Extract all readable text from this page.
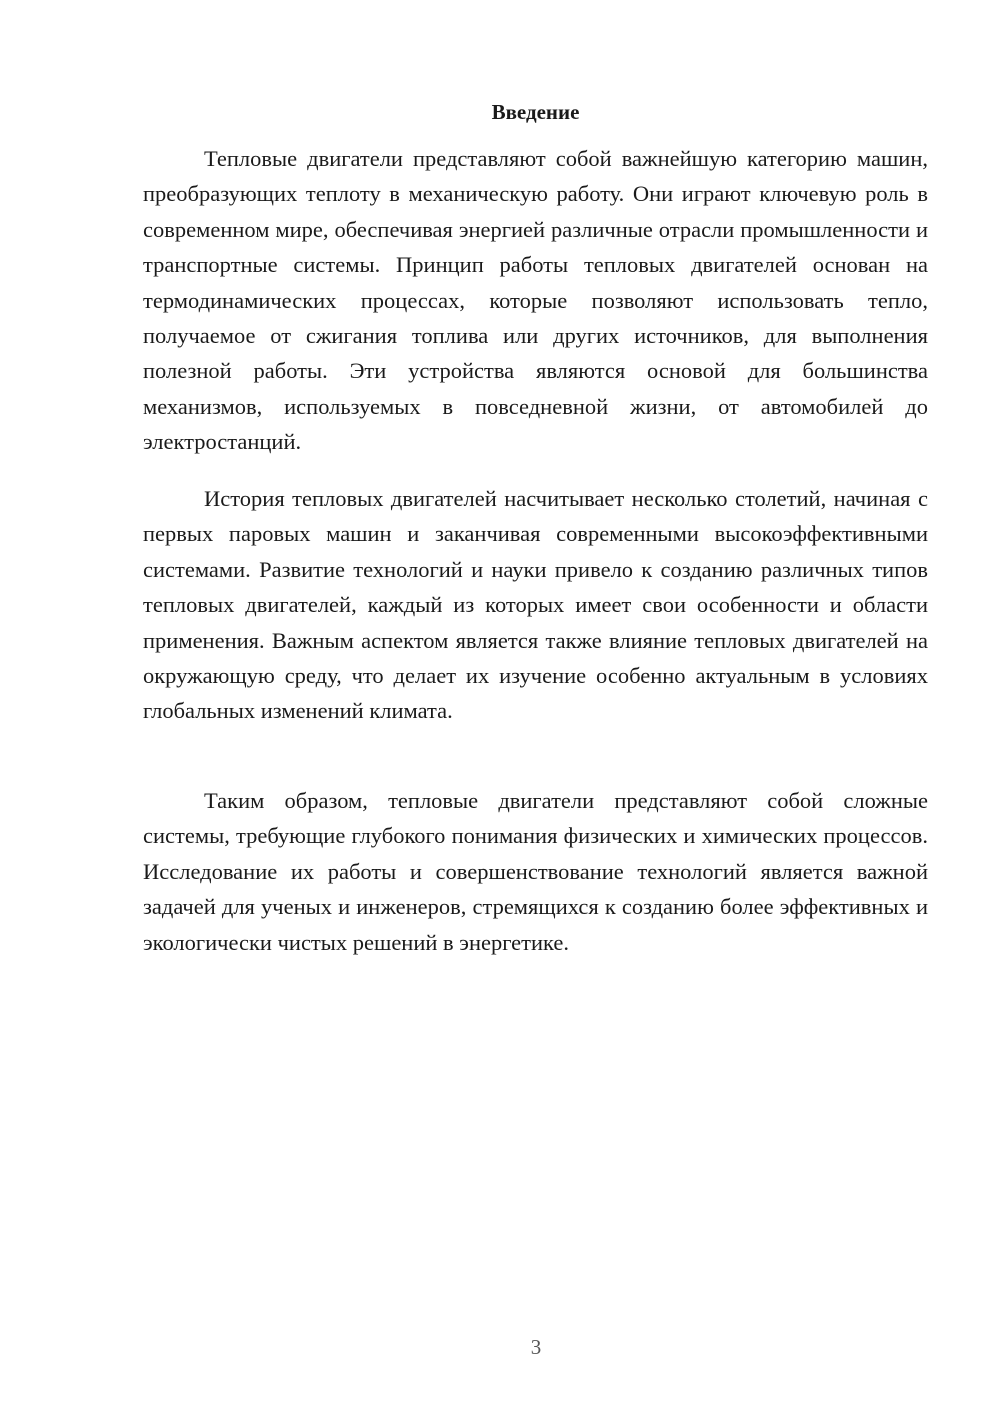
Введение

Тепловые двигатели представляют собой важнейшую категорию машин, преобразующих теплоту в механическую работу. Они играют ключевую роль в современном мире, обеспечивая энергией различные отрасли промышленности и транспортные системы. Принцип работы тепловых двигателей основан на термодинамических процессах, которые позволяют использовать тепло, получаемое от сжигания топлива или других источников, для выполнения полезной работы. Эти устройства являются основой для большинства механизмов, используемых в повседневной жизни, от автомобилей до электростанций.

История тепловых двигателей насчитывает несколько столетий, начиная с первых паровых машин и заканчивая современными высокоэффективными системами. Развитие технологий и науки привело к созданию различных типов тепловых двигателей, каждый из которых имеет свои особенности и области применения. Важным аспектом является также влияние тепловых двигателей на окружающую среду, что делает их изучение особенно актуальным в условиях глобальных изменений климата.

Таким образом, тепловые двигатели представляют собой сложные системы, требующие глубокого понимания физических и химических процессов. Исследование их работы и совершенствование технологий является важной задачей для ученых и инженеров, стремящихся к созданию более эффективных и экологически чистых решений в энергетике.

3
